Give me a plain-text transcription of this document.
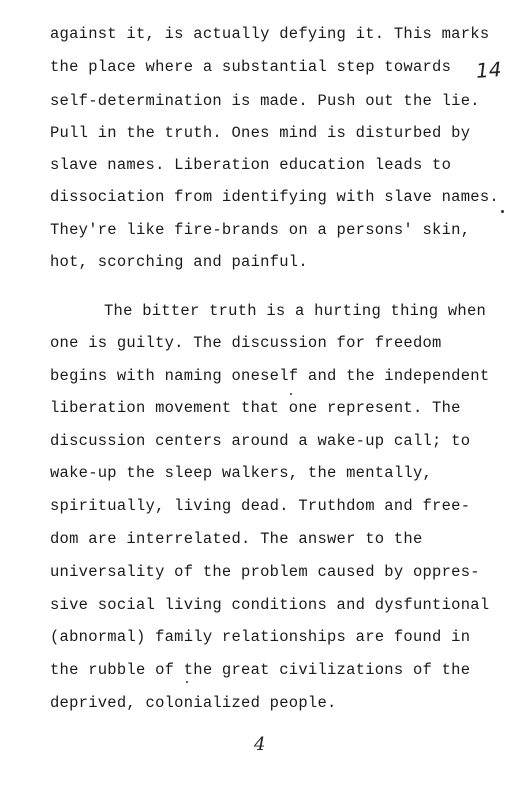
against it, is actually defying it. This marks
the place where a substantial step towards
self-determination is made. Push out the lie.
Pull in the truth. Ones mind is disturbed by
slave names. Liberation education leads to
dissociation from identifying with slave names.
They're like fire-brands on a persons' skin,
hot, scorching and painful.
The bitter truth is a hurting thing when
one is guilty. The discussion for freedom
begins with naming oneself and the independent
liberation movement that one represent. The
discussion centers around a wake-up call; to
wake-up the sleep walkers, the mentally,
spiritually, living dead. Truthdom and free-
dom are interrelated. The answer to the
universality of the problem caused by oppres-
sive social living conditions and dysfuntional
(abnormal) family relationships are found in
the rubble of the great civilizations of the
deprived, colonialized people.
14
4
